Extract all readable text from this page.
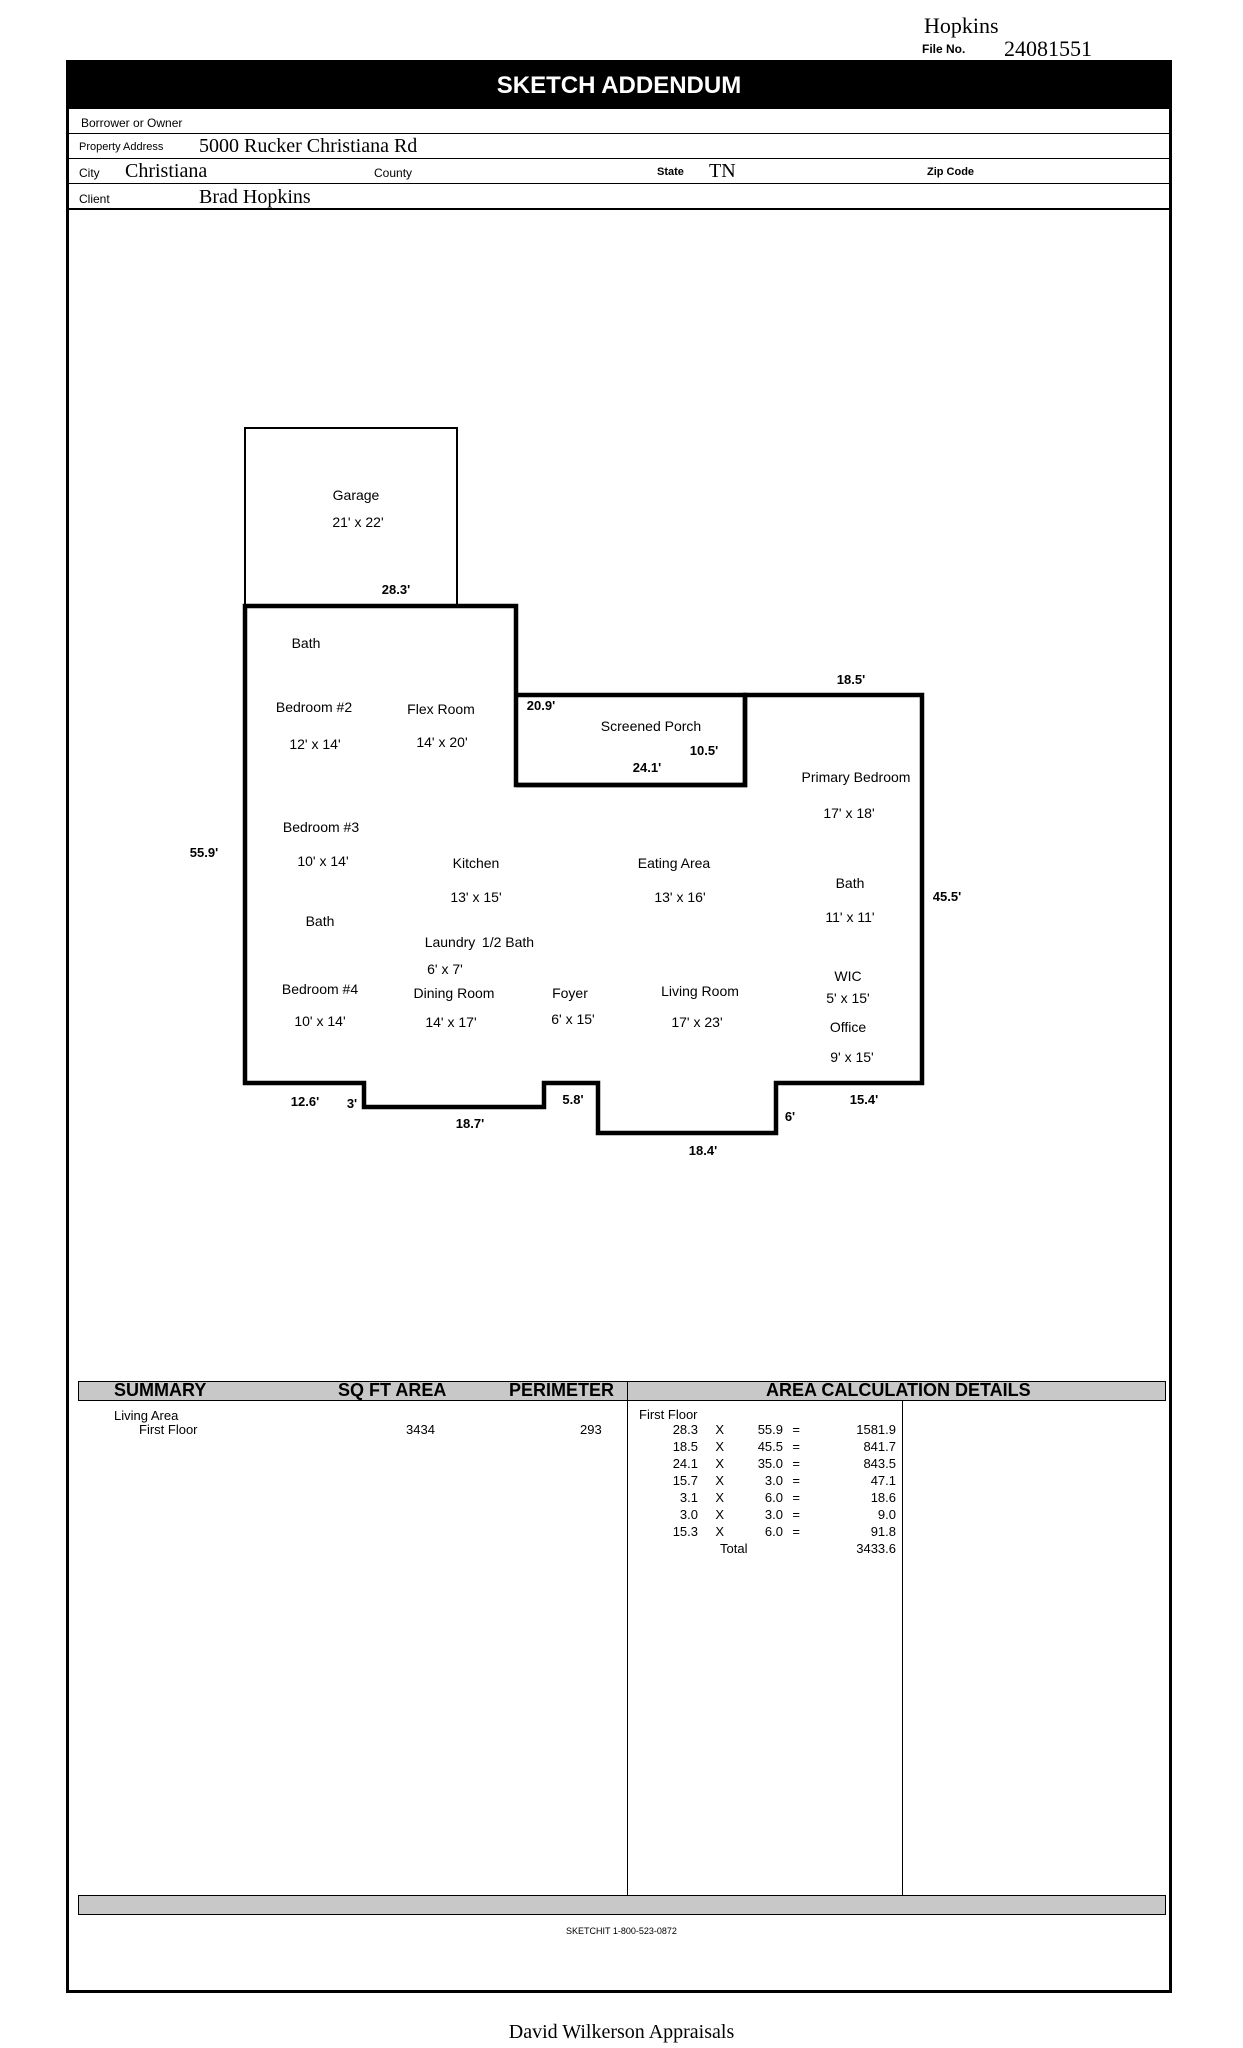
Hopkins
File No. 24081551
SKETCH ADDENDUM
Borrower or Owner
Property Address 5000 Rucker Christiana Rd
City Christiana	County	State TN	Zip Code
Client	Brad Hopkins
Garage
21' x 22'
Bath
Bedroom #2
12' x 14'
Flex Room
14' x 20'
Screened Porch
Primary Bedroom
17' x 18'
Bedroom #3
10' x 14'	Kitchen
13' x 15'
Eating Area
13' x 16'
Bath
11' x 11'
Bath
Laundry
6' x 7'
1/2 Bath
WIC
5' x 15'
Bedroom #4
10' x 14'
Dining Room
14' x 17'
Foyer
6' x 15'
Living Room
17' x 23'	Office
9' x 15'
28.3'
18.5'
20.9'
10.5'
24.1'
55.9'
45.5'
12.6' 3'
18.7'
5.8'
18.4'
6'
15.4'
SUMMARY	SQ FT AREA	PERIMETER	AREA CALCULATION DETAILS
Living Area
First Floor	3434	293
First Floor
28.3	X	55.9 =	1581.9
18.5	X	45.5 =	841.7
24.1	X	35.0 =	843.5
15.7	X	3.0 =	47.1
3.1	X	6.0 =	18.6
3.0	X	3.0 =	9.0
15.3	X	6.0 =	91.8
Total	3433.6
SKETCHIT 1-800-523-0872
David Wilkerson Appraisals
